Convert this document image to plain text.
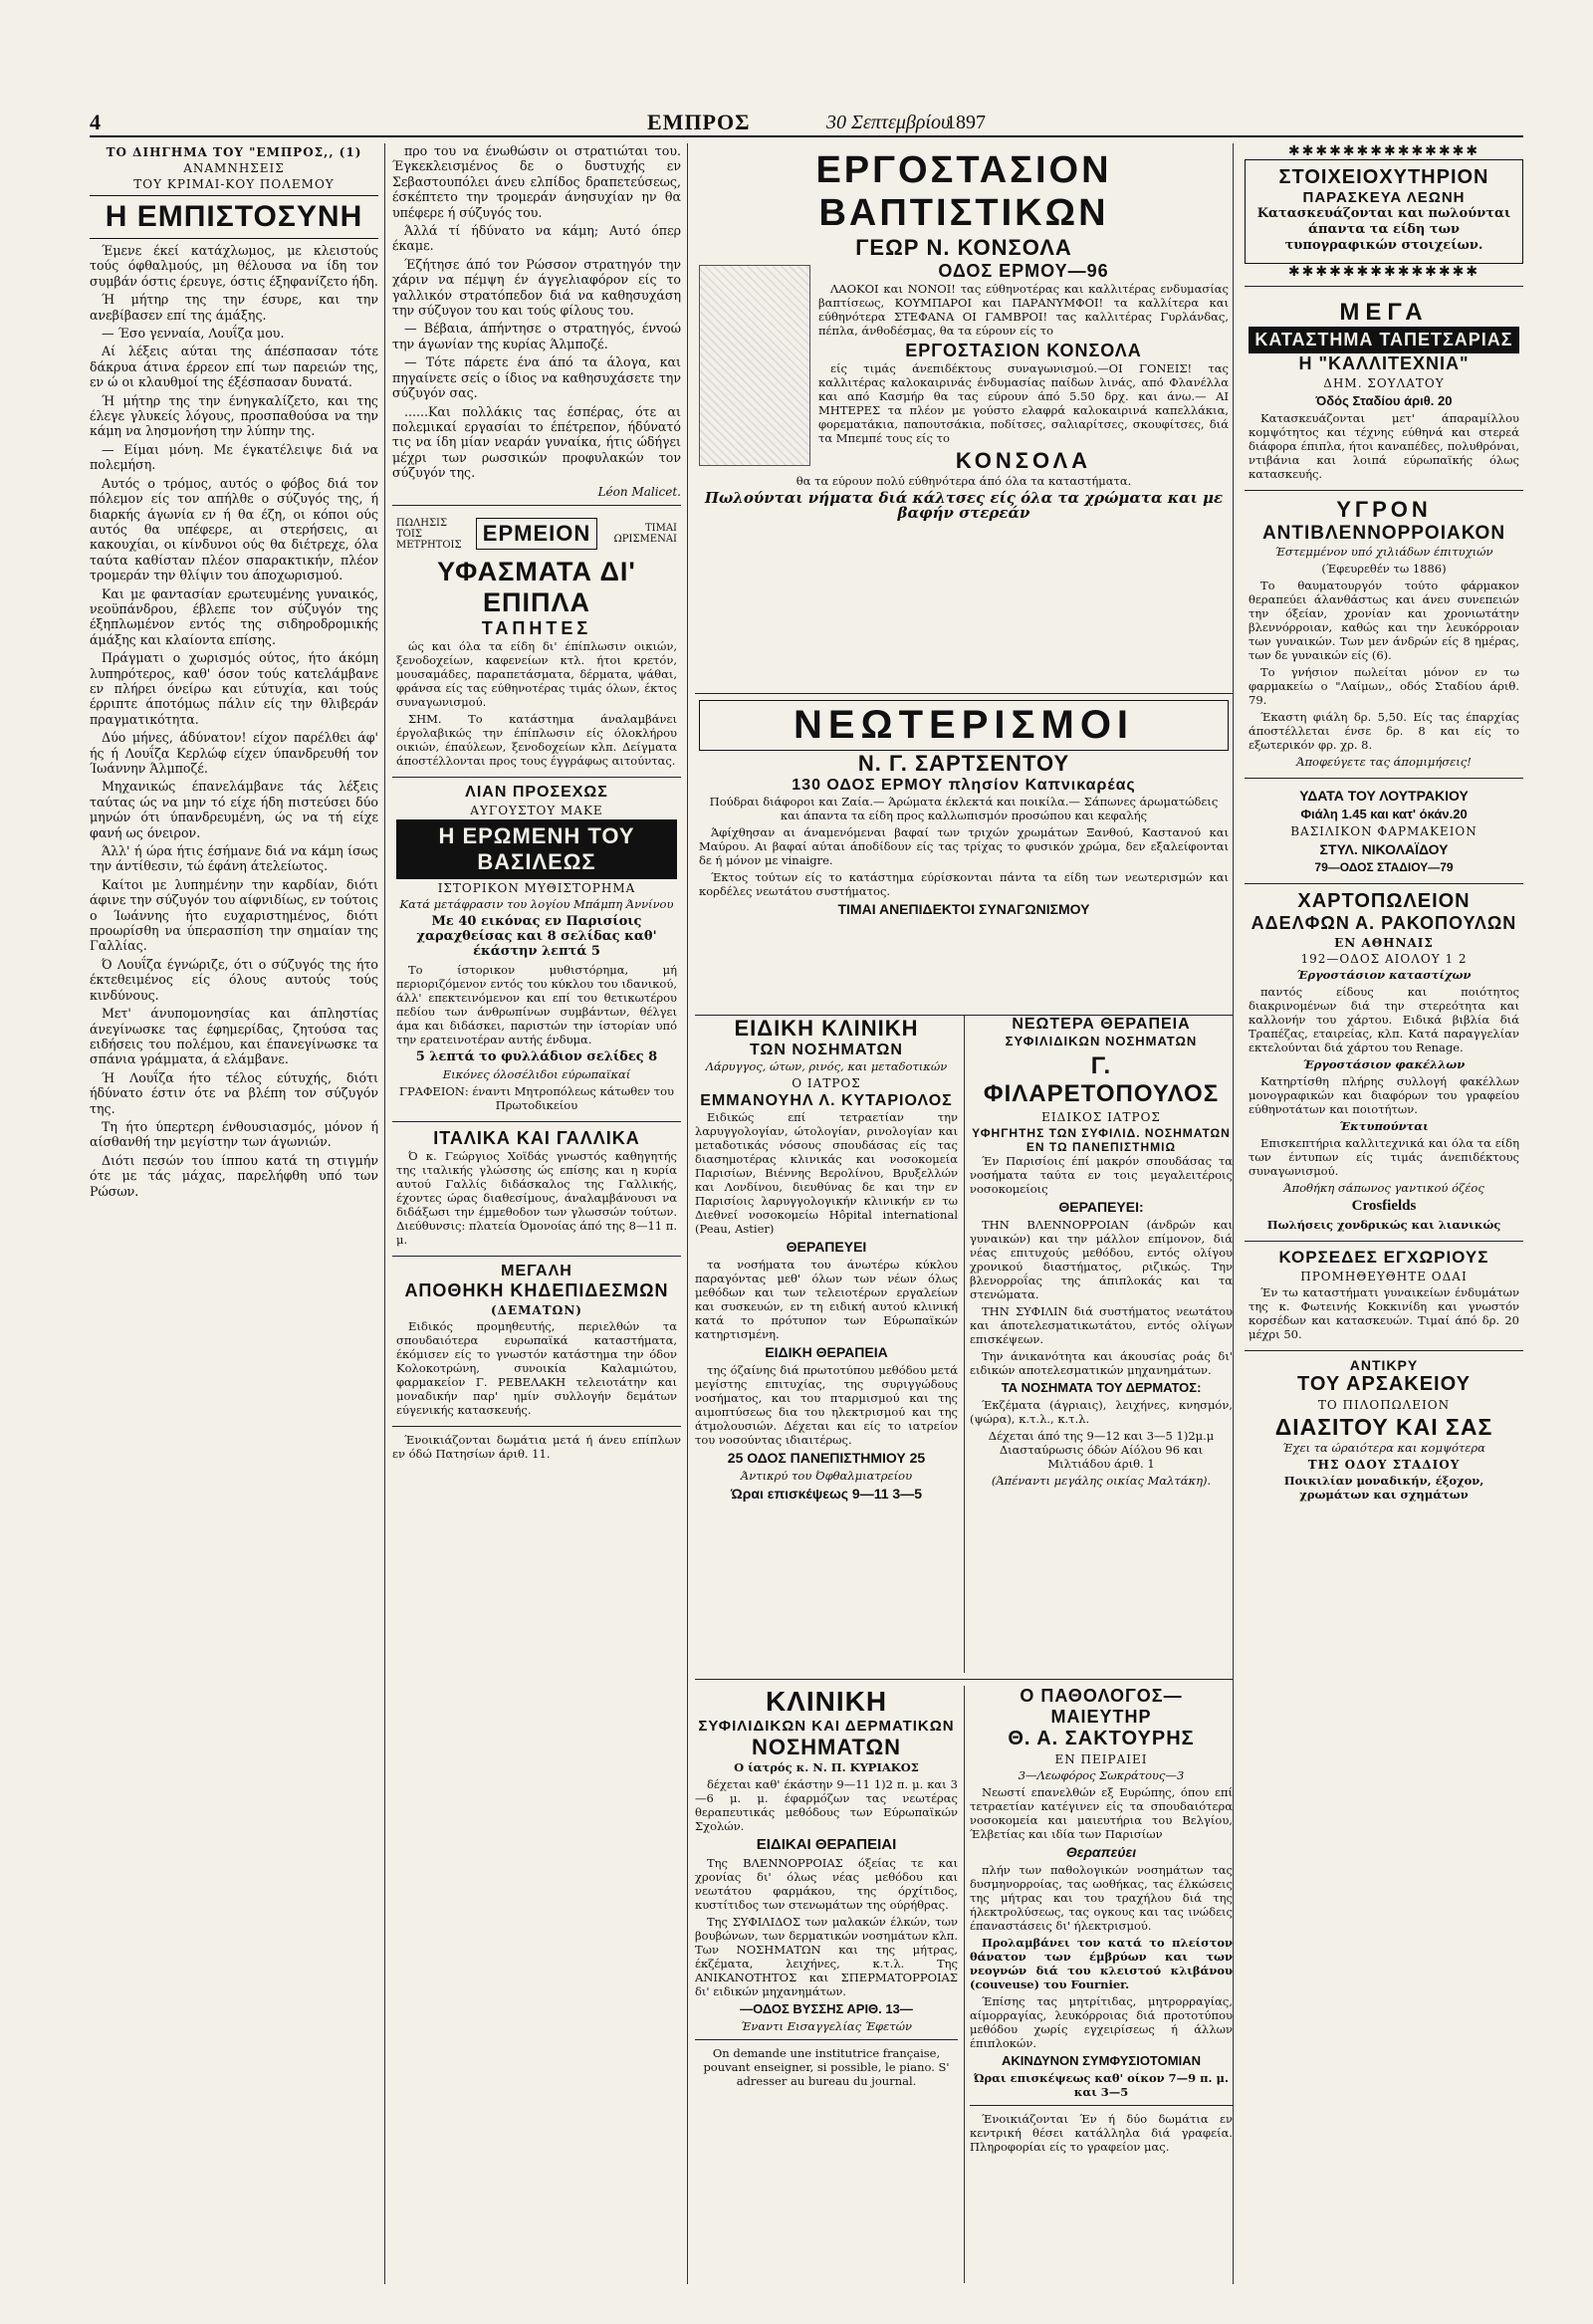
4	ΕΜΠΡΟΣ	30 Σεπτεμβρίου
1897
ΤΟ ΔΙΗΓΗΜΑ ΤΟΥ "ΕΜΠΡΟΣ,, (1)
ΑΝΑΜΝΗΣΕΙΣ
ΤΟΥ ΚΡΙΜΑΙ-ΚΟΥ ΠΟΛΕΜΟΥ
Η ΕΜΠΙΣΤΟΣΥΝΗ

Έμενε έκεί κατάχλωμος, με κλειστούς τούς όφθαλμούς, μη θέλουσα να ίδη τον συμβάν όστις έρευγε, όστις έξηφανίζετο ήδη.

Ή μήτηρ της την έσυρε, και την ανεβίβασεν επί της άμάξης.

— Έσο γενναία, Λουΐζα μου.

Αί λέξεις αύται της άπέσπασαν τότε δάκρυα άτινα έρρεον επί των παρειών της, εν ώ οι κλαυθμοί της έξέσπασαν δυνατά.

Ή μήτηρ της την ένηγκαλίζετο, και της έλεγε γλυκείς λόγους, προσπαθούσα να την κάμη να λησμονήση την λύπην της.

— Είμαι μόνη. Με έγκατέλειψε διά να πολεμήση.

Αυτός ο τρόμος, αυτός ο φόβος διά τον πόλεμον είς τον απήλθε ο σύζυγός της, ή διαρκής άγωνία εν ή θα έζη, οι κόποι ούς αυτός θα υπέφερε, αι στερήσεις, αι κακουχίαι, οι κίνδυνοι ούς θα διέτρεχε, όλα ταύτα καθίσταν πλέον σπαρακτικήν, πλέον τρομεράν την θλίψιν του άποχωρισμού.

Και με φαντασίαν ερωτευμένης γυναικός, νεοϋπάνδρου, έβλεπε τον σύζυγόν της έξηπλωμένον εντός της σιδηροδρομικής άμάξης και κλαίοντα επίσης.

Πράγματι ο χωρισμός ούτος, ήτο άκόμη λυπηρότερος, καθ' όσον τούς κατελάμβανε εν πλήρει όνείρω και εύτυχία, και τούς έρριπτε άποτόμως πάλιν είς την θλιβεράν πραγματικότητα.

Δύο μήνες, άδύνατον! είχον παρέλθει άφ' ής ή Λουΐζα Κερλώφ είχεν ύπανδρευθή τον Ίωάννην Άλμποζέ.

Μηχανικώς έπανελάμβανε τάς λέξεις ταύτας ώς να μην τό είχε ήδη πιστεύσει δύο μηνών ότι ύπανδρευμένη, ώς να τή είχε φανή ως όνειρον.

Άλλ' ή ώρα ήτις έσήμανε διά να κάμη ίσως την άντίθεσιν, τώ έφάνη άτελείωτος.

Καίτοι με λυπημένην την καρδίαν, διότι άφινε την σύζυγόν του αίφνιδίως, εν τούτοις ο Ίωάννης ήτο ευχαριστημένος, διότι προωρίσθη να ύπερασπίση την σημαίαν της Γαλλίας.

Ό Λουΐζα έγνώριζε, ότι ο σύζυγός της ήτο έκτεθειμένος είς όλους αυτούς τούς κινδύνους.

Μετ' άνυπομονησίας και άπληστίας άνεγίνωσκε τας έφημερίδας, ζητούσα τας ειδήσεις του πολέμου, και έπανεγίνωσκε τα σπάνια γράμματα, ά ελάμβανε.

Ή Λουΐζα ήτο τέλος εύτυχής, διότι ήδύνατο έστιν ότε να βλέπη τον σύζυγόν της.

Τη ήτο ύπερτερη ένθουσιασμός, μόνον ή αίσθανθή την μεγίστην των άγωνιών.

Διότι πεσών του ίππου κατά τη στιγμήν ότε με τάς μάχας, παρελήφθη υπό των Ρώσων.

προ του να ένωθώσιν οι στρατιώται του. Έγκεκλεισμένος δε ο δυστυχής εν Σεβαστουπόλει άνευ ελπίδος δραπετεύσεως, έσκέπτετο την τρομεράν άνησυχίαν ην θα υπέφερε ή σύζυγός του.

Άλλά τί ήδύνατο να κάμη; Αυτό όπερ έκαμε.

Έζήτησε άπό τον Ρώσσον στρατηγόν την χάριν να πέμψη έν άγγελιαφόρον είς το γαλλικόν στρατόπεδον διά να καθησυχάση την σύζυγον του και τούς φίλους του.

— Βέβαια, άπήντησε ο στρατηγός, ένvοώ την άγωνίαν της κυρίας Άλμποζέ.

— Τότε πάρετε ένα άπό τα άλογα, και πηγαίνετε σείς ο ίδιος να καθησυχάσετε την σύζυγόν σας.

......Και πολλάκις τας έσπέρας, ότε αι πολεμικαί εργασίαι το έπέτρεπον, ήδύνατό τις να ίδη μίαν νεαράν γυναίκα, ήτις ώδήγει μέχρι των ρωσσικών προφυλακών τον σύζυγόν της.

Léon Malicet.
ΠΩΛΗΣΙΣ ΤΟΙΣ ΜΕΤΡΗΤΟΙΣ ΕΡΜΕΙΟΝ	ΤΙΜΑΙ ΩΡΙΣΜΕΝΑΙ
ΥΦΑΣΜΑΤΑ ΔΙ' ΕΠΙΠΛΑ
ΤΑΠΗΤΕΣ

ώς και όλα τα είδη δι' έπίπλωσιν οικιών, ξενοδοχείων, καφενείων κτλ. ήτοι κρετόν, μουσαμάδες, παραπετάσματα, δέρματα, ψάθαι, φράνσα είς τας εύθηνοτέρας τιμάς όλων, έκτος συναγωνισμού.

ΣΗΜ. Το κατάστημα άναλαμβάνει έργολαβικώς την έπίπλωσιν είς όλοκλήρου οικιών, έπαύλεων, ξενοδοχείων κλπ. Δείγματα άποστέλλονται προς τους έγγράφως αιτούντας.

ΛΙΑΝ ΠΡΟΣΕΧΩΣ
ΑΥΓΟΥΣΤΟΥ ΜΑΚΕ
Η ΕΡΩΜΕΝΗ ΤΟΥ ΒΑΣΙΛΕΩΣ
ΙΣΤΟΡΙΚΟΝ ΜΥΘΙΣΤΟΡΗΜΑ

Κατά μετάφρασιν του λογίου Μπάμπη Άννίνου

Με 40 εικόνας εν Παρισίοις χαραχθείσας και 8 σελίδας καθ' έκάστην λεπτά 5

Το ίστορικον μυθιστόρημα, μή περιοριζόμενον εντός του κύκλου του ιδανικού, άλλ' επεκτεινόμενον και επί του θετικωτέρου πεδίου των άνθρωπίνων συμβάντων, θέλγει άμα και διδάσκει, παριστών την ίστορίαν υπό την ερατεινοτέραν αυτής ένδυμα.

5 λεπτά το φυλλάδιον σελίδες 8

Εικόνες όλοσέλιδοι εύρωπαϊκαί

ΓΡΑΦΕΙΟΝ: έναντι Μητροπόλεως κάτωθεν του Πρωτοδικείου

ΙΤΑΛΙΚΑ ΚΑΙ ΓΑΛΛΙΚΑ

Ό κ. Γεώργιος Χοϊδάς γνωστός καθηγητής της ιταλικής γλώσσης ώς επίσης και η κυρία αυτού Γαλλίς διδάσκαλος της Γαλλικής, έχοντες ώρας διαθεσίμους, άναλαμβάνουσι να διδάξωσι την έμμεθοδον των γλωσσών τούτων. Διεύθυνσις: πλατεία Όμονοίας άπό της 8—11 π. μ.

ΜΕΓΑΛΗ
ΑΠΟΘΗΚΗ ΚΗΔΕΠΙΔΕΣΜΩΝ
(ΔΕΜΑΤΩΝ)

Ειδικός προμηθευτής, περιελθών τα σπουδαιότερα ευρωπαϊκά καταστήματα, έκόμισεν είς το γνωστόν κατάστημα την όδον Κολοκοτρώνη, συνοικία Καλαμιώτου, φαρμακείον Γ. ΡΕΒΕΛΑΚΗ τελειοτάτην και μοναδικήν παρ' ημίν συλλογήν δεμάτων εύγενικής κατασκευής.

Ένοικιάζονται δωμάτια μετά ή άνευ επίπλων εν όδώ Πατησίων άριθ. 11.

ΕΡΓΟΣΤΑΣΙΟΝ ΒΑΠΤΙΣΤΙΚΩΝ
ΓΕΩΡ Ν. ΚΟΝΣΟΛΑ
ΟΔΟΣ ΕΡΜΟΥ—96

ΛΑΟΚΟΙ και ΝΟΝΟΙ! τας εύθηνοτέρας και καλλιτέρας ενδυμασίας βαπτίσεως, ΚΟΥΜΠΑΡΟΙ και ΠΑΡΑΝΥΜΦΟΙ! τα καλλίτερα και εύθηνότερα ΣΤΕΦΑΝΑ ΟΙ ΓΑΜΒΡΟΙ! τας καλλιτέρας Γυρλάνδας, πέπλα, άνθοδέσμας, θα τα εύρουν είς το

ΕΡΓΟΣΤΑΣΙΟΝ ΚΟΝΣΟΛΑ

είς τιμάς άνεπιδέκτους συναγωνισμού.—ΟΙ ΓΟΝΕΙΣ! τας καλλιτέρας καλοκαιρινάς ένδυμασίας παίδων λινάς, από Φλανέλλα και από Κασμήρ θα τας εύρουν άπό 5.50 δρχ. και άνω.— ΑΙ ΜΗΤΕΡΕΣ τα πλέον με γούστο ελαφρά καλοκαιρινά καπελλάκια, φορεματάκια, παπουτσάκια, ποδίτσες, σαλιαρίτσες, σκουφίτσες, διά τα Μπεμπέ τους είς το

ΚΟΝΣΟΛΑ

θα τα εύρουν πολύ εύθηνότερα άπό όλα τα καταστήματα.

Πωλούνται νήματα διά κάλτσες είς όλα τα χρώματα και με βαφήν στερεάν

ΝΕΩΤΕΡΙΣΜΟΙ
Ν. Γ. ΣΑΡΤΣΕΝΤΟΥ
130 ΟΔΟΣ ΕΡΜΟΥ πλησίον Καπνικαρέας

Πούδραι διάφοροι και Ζαία.— Άρώματα έκλεκτά και ποικίλα.— Σάπωνες άρωματώδεις και άπαντα τα είδη προς καλλωπισμόν προσώπου και κεφαλής

Άφίχθησαν αι άναμενόμεναι βαφαί των τριχών χρωμάτων Ξανθού, Καστανού και Μαύρου. Αι βαφαί αύται άποδίδουν είς τας τρίχας το φυσικόν χρώμα, δεν εξαλείφονται δε ή μόνον με vinaigre.

Έκτος τούτων είς το κατάστημα εύρίσκονται πάντα τα είδη των νεωτερισμών και κορδέλες νεωτάτου συστήματος.

ΤΙΜΑΙ ΑΝΕΠΙΔΕΚΤΟΙ ΣΥΝΑΓΩΝΙΣΜΟΥ
ΕΙΔΙΚΗ ΚΛΙΝΙΚΗ
ΤΩΝ ΝΟΣΗΜΑΤΩΝ

Λάρυγγος, ώτων, ρινός, και μεταδοτικών

Ο ΙΑΤΡΟΣ
ΕΜΜΑΝΟΥΗΛ Λ. ΚΥΤΑΡΙΟΛΟΣ

Ειδικώς επί τετραετίαν την λαρυγγολογίαν, ώτολογίαν, ρινολογίαν και μεταδοτικάς νόσους σπουδάσας είς τας διασημοτέρας κλινικάς και νοσοκομεία Παρισίων, Βιέννης Βερολίνου, Βρυξελλών και Λονδίνου, διευθύνας δε και την εν Παρισίοις λαρυγγολογικήν κλινικήν εν τω Διεθνεί νοσοκομείω Hôpital international (Peau, Astier)

ΘΕΡΑΠΕΥΕΙ

τα νοσήματα του άνωτέρω κύκλου παραγόντας μεθ' όλων των νέων όλως μεθόδων και των τελειοτέρων εργαλείων και συσκευών, εν τη ειδική αυτού κλινική κατά το πρότυπον των Εύρωπαϊκών κατηρτισμένη.

ΕΙΔΙΚΗ ΘΕΡΑΠΕΙΑ

της όζαίνης διά πρωτοτύπου μεθόδου μετά μεγίστης επιτυχίας, της συριγγώδους νοσήματος, και του πταρμισμού και της αιμοπτύσεως δια του ηλεκτρισμού και της άτμολουσιών. Δέχεται και είς το ιατρείον του νοσούντας ιδιαιτέρως.

25 ΟΔΟΣ ΠΑΝΕΠΙΣΤΗΜΙΟΥ 25

Άντικρύ του Όφθαλμιατρείου

Ώραι επισκέψεως 9—11 3—5
ΝΕΩΤΕΡΑ ΘΕΡΑΠΕΙΑ
ΣΥΦΙΛΙΔΙΚΩΝ ΝΟΣΗΜΑΤΩΝ
Γ. ΦΙΛΑΡΕΤΟΠΟΥΛΟΣ
ΕΙΔΙΚΟΣ ΙΑΤΡΟΣ
ΥΦΗΓΗΤΗΣ ΤΩΝ ΣΥΦΙΛΙΔ. ΝΟΣΗΜΑΤΩΝ ΕΝ ΤΩ ΠΑΝΕΠΙΣΤΗΜΙΩ

Έν Παρισίοις έπί μακρόν σπουδάσας τα νοσήματα ταύτα εν τοις μεγαλειτέροις νοσοκομείοις

ΘΕΡΑΠΕΥΕΙ:

ΤΗΝ ΒΛΕΝΝΟΡΡΟΙΑΝ (άνδρών και γυναικών) και την μάλλον επίμονον, διά νέας επιτυχούς μεθόδου, εντός ολίγου χρονικού διαστήματος, ριζικώς. Την βλενορροΐας της άπιπλοκάς και τα στενώματα.

ΤΗΝ ΣΥΦΙΛΙΝ διά συστήματος νεωτάτου και άποτελεσματικωτάτου, εντός ολίγων επισκέψεων.

Την άνικανότητα και άκουσίας ροάς δι' ειδικών αποτελεσματικών μηχανημάτων.

ΤΑ ΝΟΣΗΜΑΤΑ ΤΟΥ ΔΕΡΜΑΤΟΣ:

Έκζέματα (άγριαις), λειχήνες, κνησμόν, (ψώρα), κ.τ.λ., κ.τ.λ.

Δέχεται άπό της 9—12 και 3—5 1)2μ.μ Διασταύρωσις όδών Αίόλου 96 και Μιλτιάδου άριθ. 1

(Άπέναντι μεγάλης οικίας Μαλτάκη).

ΚΛΙΝΙΚΗ
ΣΥΦΙΛΙΔΙΚΩΝ ΚΑΙ ΔΕΡΜΑΤΙΚΩΝ
ΝΟΣΗΜΑΤΩΝ

Ο ίατρός κ. Ν. Π. ΚΥΡΙΑΚΟΣ

δέχεται καθ' έκάστην 9—11 1)2 π. μ. και 3—6 μ. μ. έφαρμόζων τας νεωτέρας θεραπευτικάς μεθόδους των Εύρωπαϊκών Σχολών.

ΕΙΔΙΚΑΙ ΘΕΡΑΠΕΙΑΙ

Της ΒΛΕΝΝΟΡΡΟΙΑΣ όξείας τε και χρονίας δι' όλως νέας μεθόδου και νεωτάτου φαρμάκου, της όρχίτιδος, κυστίτιδος των στενωμάτων της ούρήθρας.

Της ΣΥΦΙΛΙΔΟΣ των μαλακών έλκών, των βουβώνων, των δερματικών νοσημάτων κλπ. Των ΝΟΣΗΜΑΤΩΝ και της μήτρας, έκζέματα, λειχήνες, κ.τ.λ. Της ΑΝΙΚΑΝΟΤΗΤΟΣ και ΣΠΕΡΜΑΤΟΡΡΟΙΑΣ δι' ειδικών μηχανημάτων.

—ΟΔΟΣ ΒΥΣΣΗΣ ΑΡΙΘ. 13—

Έναντι Εισαγγελίας Έφετών

On demande une institutrice française, pouvant enseigner, si possible, le piano. S' adresser au bureau du journal.

Ο ΠΑΘΟΛΟΓΟΣ—ΜΑΙΕΥΤΗΡ
Θ. Α. ΣΑΚΤΟΥΡΗΣ
ΕΝ ΠΕΙΡΑΙΕΙ

3—Λεωφόρος Σωκράτους—3

Νεωστί επανελθών εξ Ευρώπης, όπου επί τετραετίαν κατέγινεν είς τα σπουδαιότερα νοσοκομεία και μαιευτήρια του Βελγίου, Έλβετίας και ιδία των Παρισίων

Θεραπεύει

πλήν των παθολογικών νοσημάτων τας δυσμηνορροίας, τας ωοθήκας, τας έλκώσεις της μήτρας και του τραχήλου διά της ήλεκτρολύσεως, τας ογκους και τας ινώδεις έπαναστάσεις δι' ήλεκτρισμού.

Προλαμβάνει τον κατά το πλείστον θάνατον των έμβρύων και των νεογνών διά του κλειστού κλιβάνου (couveuse) του Fournier.

Έπίσης τας μητρίτιδας, μητρορραγίας, αίμορραγίας, λευκόρροιας διά προτοτύπου μεθόδου χωρίς εγχειρίσεως ή άλλων έπιπλοκών.

ΑΚΙΝΔΥΝΟΝ ΣΥΜΦΥΣΙΟΤΟΜΙΑΝ

Ώραι επισκέψεως καθ' οίκον 7—9 π. μ. και 3—5

Ένοικιάζονται Έν ή δύο δωμάτια εν κεντρική θέσει κατάλληλα διά γραφεία. Πληροφορίαι είς το γραφείον μας.

✱✱✱✱✱✱✱✱✱✱✱✱✱✱
ΣΤΟΙΧΕΙΟΧΥΤΗΡΙΟΝ
ΠΑΡΑΣΚΕΥΑ ΛΕΩΝΗ

Κατασκευάζονται και πωλούνται άπαντα τα είδη των τυπογραφικών στοιχείων.

✱✱✱✱✱✱✱✱✱✱✱✱✱✱
ΜΕΓΑ
ΚΑΤΑΣΤΗΜΑ ΤΑΠΕΤΣΑΡΙΑΣ
Η "ΚΑΛΛΙΤΕΧΝΙΑ"
ΔΗΜ. ΣΟΥΛΑΤΟΥ
Όδός Σταδίου άριθ. 20

Κατασκευάζονται μετ' άπαραμίλλου κομψότητος και τέχνης εύθηνά και στερεά διάφορα έπιπλα, ήτοι καναπέδες, πολυθρόναι, ντιβάνια και λοιπά εύρωπαϊκής όλως κατασκευής.

ΥΓΡΟΝ
ΑΝΤΙΒΛΕΝΝΟΡΡΟΙΑΚΟΝ

Έστεμμένον υπό χιλιάδων έπιτυχιών

(Έφευρεθέν τω 1886)

Το θαυματουργόν τούτο φάρμακον θεραπεύει άλανθάστως και άνευ συνεπειών την όξείαν, χρονίαν και χρονιωτάτην βλεννόρροιαν, καθώς και την λευκόρροιαν των γυναικών. Των μεν άνδρών είς 8 ημέρας, των δε γυναικών είς (6).

Το γνήσιον πωλείται μόνον εν τω φαρμακείω ο "Λαίμων,, οδός Σταδίου άριθ. 79.

Έκαστη φιάλη δρ. 5,50. Είς τας έπαρχίας άποστέλλεται ένσε δρ. 8 και είς το εξωτερικόν φρ. χρ. 8.

Άποφεύγετε τας άπομιμήσεις!

ΥΔΑΤΑ ΤΟΥ ΛΟΥΤΡΑΚΙΟΥ
Φιάλη 1.45 και κατ' όκάν.20
ΒΑΣΙΛΙΚΟΝ ΦΑΡΜΑΚΕΙΟΝ
ΣΤΥΛ. ΝΙΚΟΛΑΪΔΟΥ
79—ΟΔΟΣ ΣΤΑΔΙΟΥ—79
ΧΑΡΤΟΠΩΛΕΙΟΝ
ΑΔΕΛΦΩΝ Α. ΡΑΚΟΠΟΥΛΩΝ
ΕΝ ΑΘΗΝΑΙΣ
192—ΟΔΟΣ ΑΙΟΛΟΥ 1 2

Έργοστάσιον καταστίχων

παντός είδους και ποιότητος διακρινομένων διά την στερεότητα και καλλονήν του χάρτου. Ειδικά βιβλία διά Τραπέζας, εταιρείας, κλπ. Κατά παραγγελίαν εκτελούνται διά χάρτου του Renage.

Έργοστάσιον φακέλλων

Κατηρτίσθη πλήρης συλλογή φακέλλων μονογραφικών και διαφόρων του γραφείου εύθηνοτάτων και ποιοτήτων.

Έκτυπούνται

Επισκεπτήρια καλλιτεχνικά και όλα τα είδη των έντυπων είς τιμάς άνεπιδέκτους συναγωνισμού.

Άποθήκη σάπωνος γαντικού όζέος

Crosfields

Πωλήσεις χονδρικώς και λιανικώς

ΚΟΡΣΕΔΕΣ ΕΓΧΩΡΙΟΥΣ
ΠΡΟΜΗΘΕΥΘΗΤΕ ΟΔΑΙ

Έν τω καταστήματι γυναικείων ένδυμάτων της κ. Φωτεινής Κοκκινίδη και γνωστόν κορσέδων και κατασκευών. Τιμαί άπό δρ. 20 μέχρι 50.

ΑΝΤΙΚΡΥ
ΤΟΥ ΑΡΣΑΚΕΙΟΥ
ΤΟ ΠΙΛΟΠΩΛΕΙΟΝ
ΔΙΑΣΙΤΟΥ ΚΑΙ ΣΑΣ

Έχει τα ώραιότερα και κομψότερα

ΤΗΣ ΟΔΟΥ ΣΤΑΔΙΟΥ

Ποικιλίαν μοναδικήν, έξοχον, χρωμάτων και σχημάτων
